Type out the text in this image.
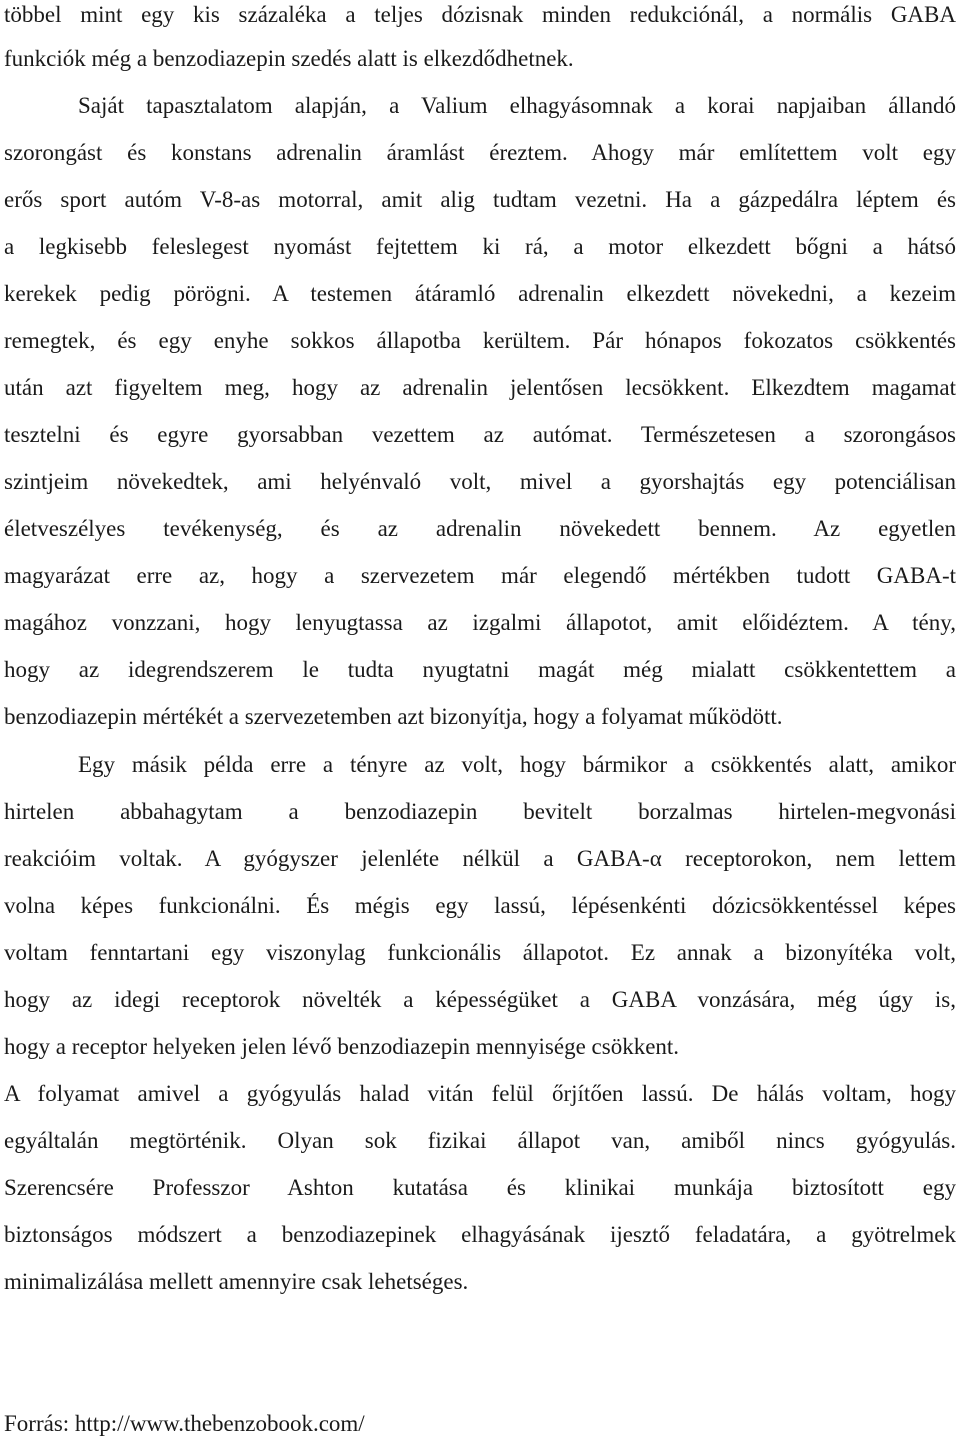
többel mint egy kis százaléka a teljes dózisnak minden redukciónál, a normális GABA
funkciók még a benzodiazepin szedés alatt is elkezdődhetnek.
Saját tapasztalatom alapján, a Valium elhagyásomnak a korai napjaiban állandó
szorongást és konstans adrenalin áramlást éreztem. Ahogy már említettem volt egy
erős sport autóm V-8-as motorral, amit alig tudtam vezetni. Ha a gázpedálra léptem és
a legkisebb feleslegest nyomást fejtettem ki rá, a motor elkezdett bőgni a hátsó
kerekek pedig pörögni. A testemen átáramló adrenalin elkezdett növekedni, a kezeim
remegtek, és egy enyhe sokkos állapotba kerültem. Pár hónapos fokozatos csökkentés
után azt figyeltem meg, hogy az adrenalin jelentősen lecsökkent. Elkezdtem magamat
tesztelni és egyre gyorsabban vezettem az autómat. Természetesen a szorongásos
szintjeim növekedtek, ami helyénvaló volt, mivel a gyorshajtás egy potenciálisan
életveszélyes tevékenység, és az adrenalin növekedett bennem. Az egyetlen
magyarázat erre az, hogy a szervezetem már elegendő mértékben tudott GABA-t
magához vonzzani, hogy lenyugtassa az izgalmi állapotot, amit előidéztem. A tény,
hogy az idegrendszerem le tudta nyugtatni magát még mialatt csökkentettem a
benzodiazepin mértékét a szervezetemben azt bizonyítja, hogy a folyamat működött.
Egy másik példa erre a tényre az volt, hogy bármikor a csökkentés alatt, amikor
hirtelen abbahagytam a benzodiazepin bevitelt borzalmas hirtelen-megvonási
reakcióim voltak. A gyógyszer jelenléte nélkül a GABA-α receptorokon, nem lettem
volna képes funkcionálni. És mégis egy lassú, lépésenkénti dózicsökkentéssel képes
voltam fenntartani egy viszonylag funkcionális állapotot. Ez annak a bizonyítéka volt,
hogy az idegi receptorok növelték a képességüket a GABA vonzására, még úgy is,
hogy a receptor helyeken jelen lévő benzodiazepin mennyisége csökkent.
A folyamat amivel a gyógyulás halad vitán felül őrjítően lassú. De hálás voltam, hogy
egyáltalán megtörténik. Olyan sok fizikai állapot van, amiből nincs gyógyulás.
Szerencsére Professzor Ashton kutatása és klinikai munkája biztosított egy
biztonságos módszert a benzodiazepinek elhagyásának ijesztő feladatára, a gyötrelmek
minimalizálása mellett amennyire csak lehetséges.
Forrás: http://www.thebenzobook.com/
